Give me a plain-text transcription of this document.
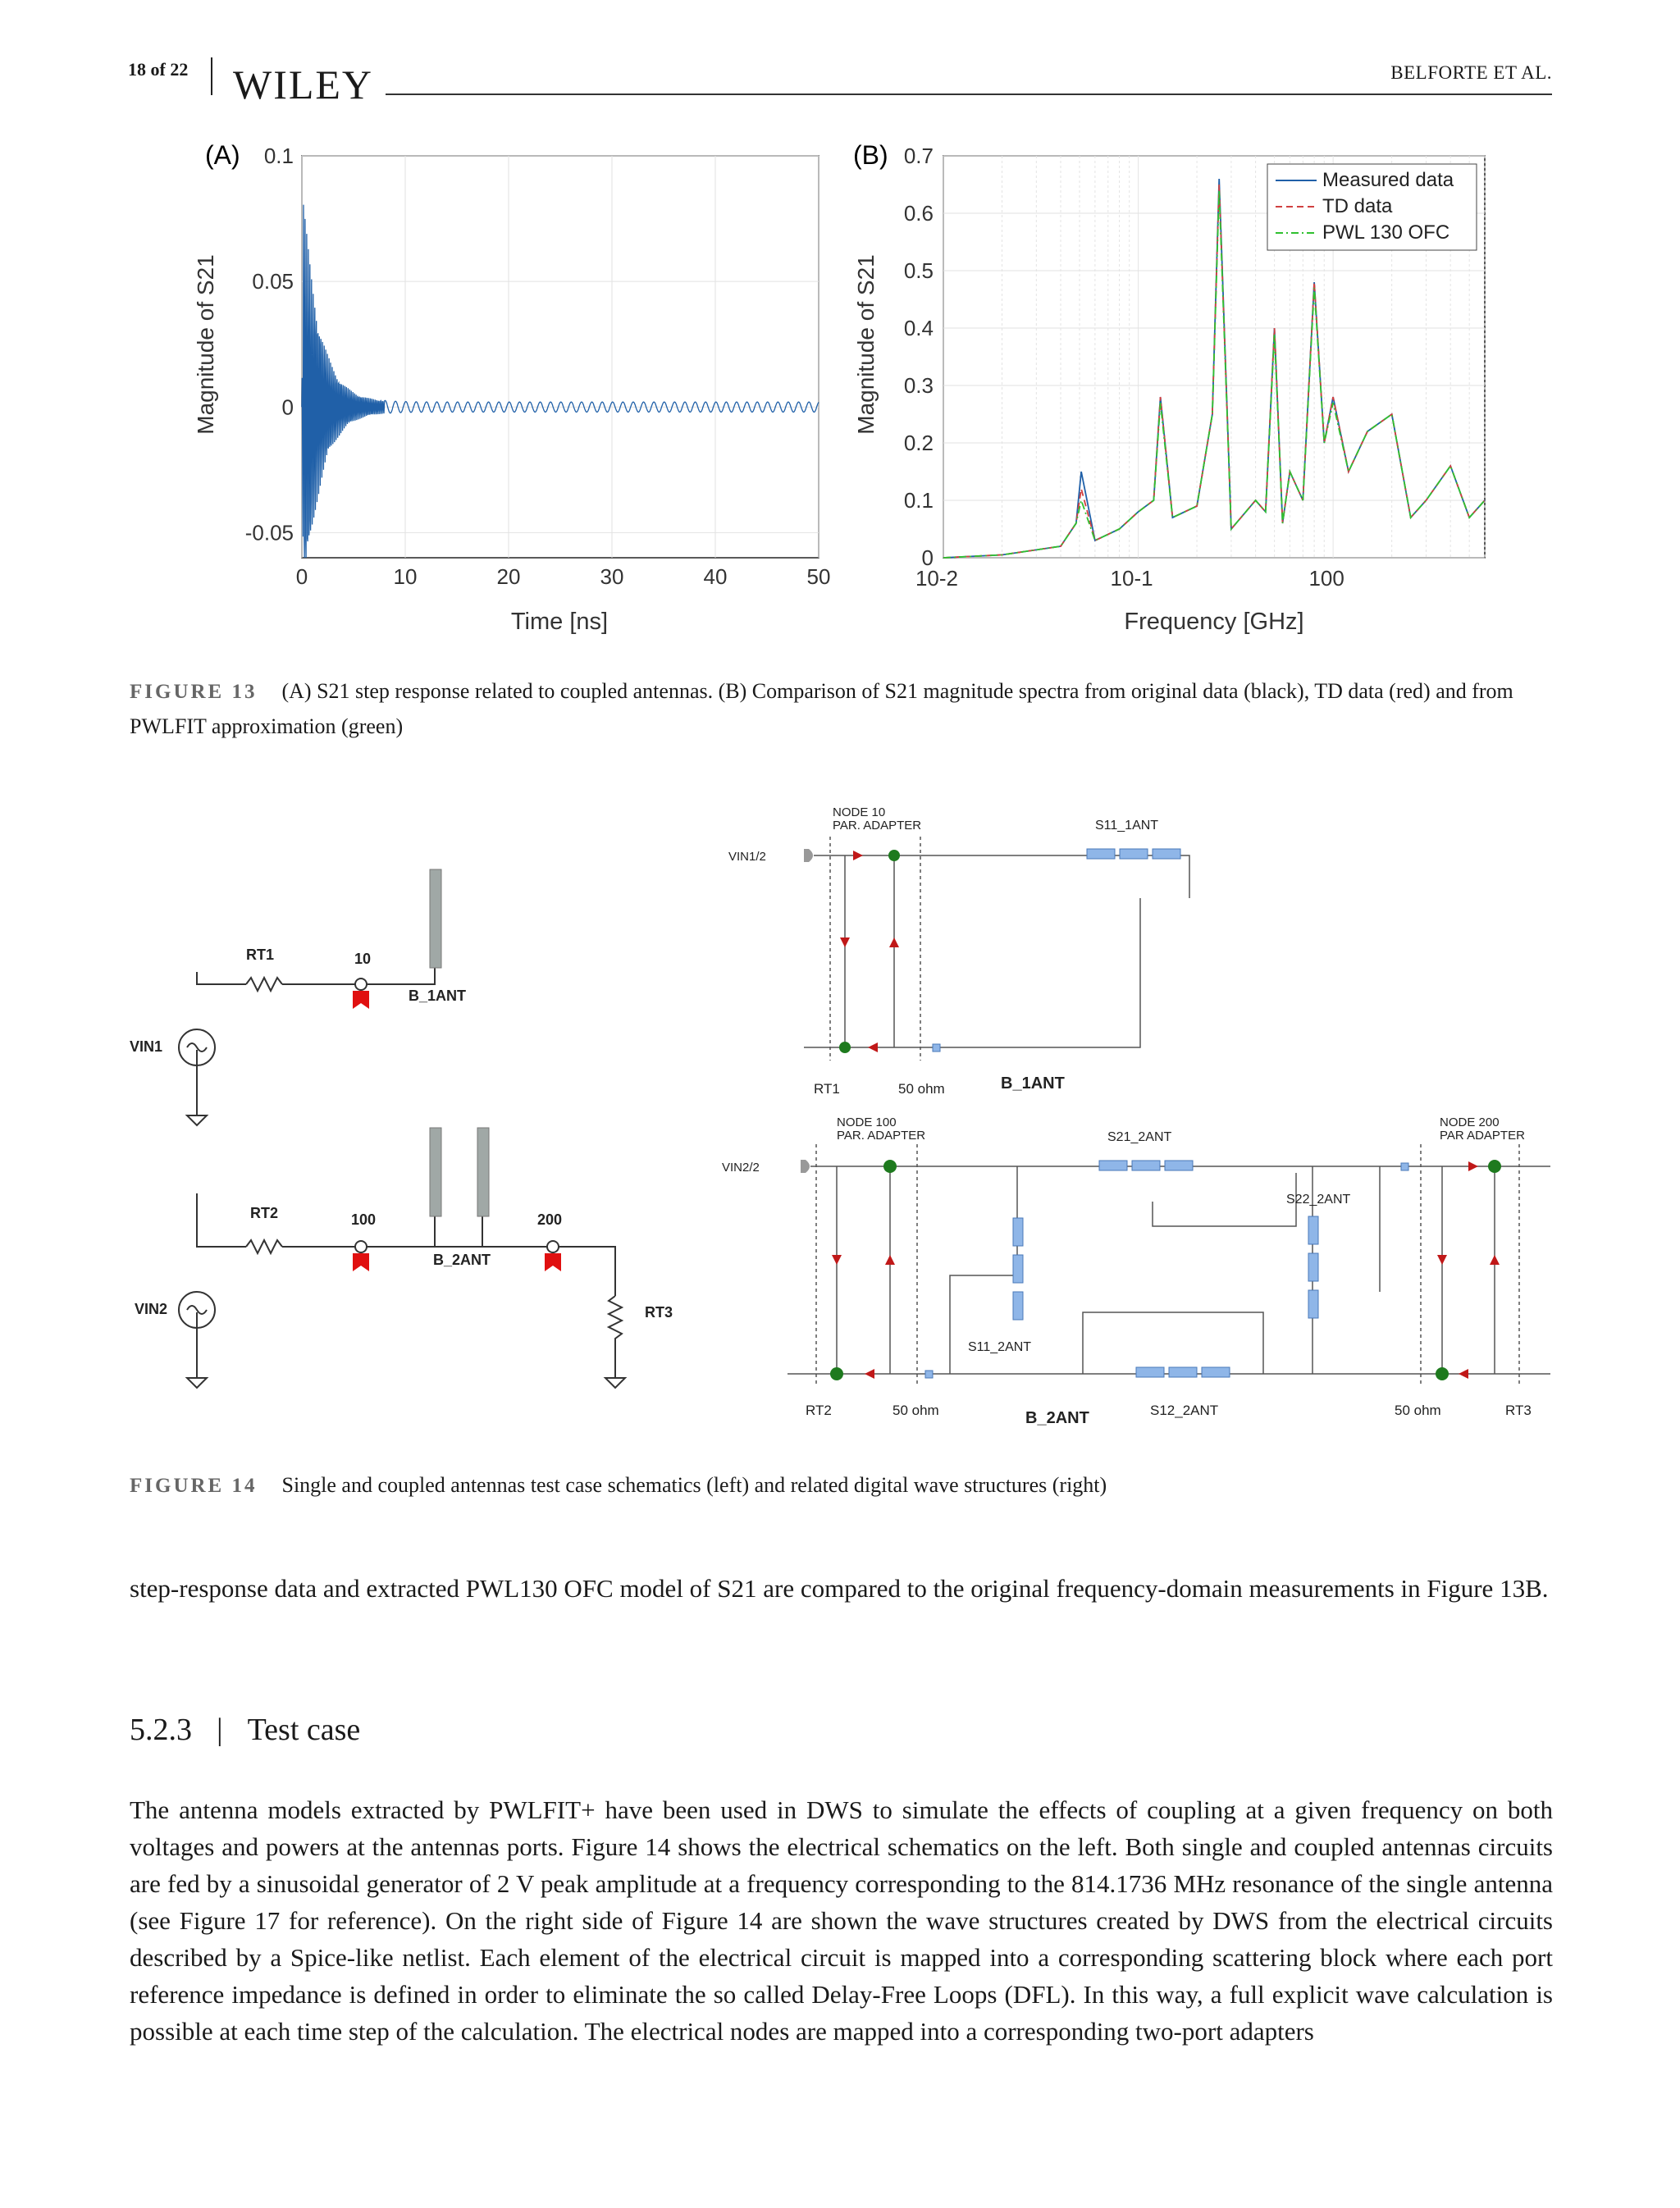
18 of 22 WILEY	BELFORTE ET AL.
(A)
0	10	20	30	40	50
-0.05
0
0.05
0.1
Magnitude of S21
Time [ns]
(B)
10-2	10-1	100
0
0.1
0.2
0.3
0.4
0.5
0.6
0.7
Measured data
TD data
PWL 130 OFC
Magnitude of S21
Frequency [GHz]
FIGURE 13 (A) S21 step response related to coupled antennas. (B) Comparison of S21 magnitude spectra from original data (black), TD data (red) and from PWLFIT approximation (green)
RT1	10
B_1ANT
VIN1
RT2	100	200
B_2ANT
VIN2	RT3
NODE 10
PAR. ADAPTER
VIN1/2
S11_1ANT
RT1	50 ohm	B_1ANT
NODE 100
PAR. ADAPTER
VIN2/2
S21_2ANT
S22_2ANT
NODE 200
PAR ADAPTER
S11_2ANT
S12_2ANT
RT2	50 ohm	B_2ANT	50 ohm	RT3
FIGURE 14 Single and coupled antennas test case schematics (left) and related digital wave structures (right)
step-response data and extracted PWL130 OFC model of S21 are compared to the original frequency-domain measurements in Figure 13B.
5.2.3 | Test case
The antenna models extracted by PWLFIT+ have been used in DWS to simulate the effects of coupling at a given frequency on both voltages and powers at the antennas ports. Figure 14 shows the electrical schematics on the left. Both single and coupled antennas circuits are fed by a sinusoidal generator of 2 V peak amplitude at a frequency corresponding to the 814.1736 MHz resonance of the single antenna (see Figure 17 for reference). On the right side of Figure 14 are shown the wave structures created by DWS from the electrical circuits described by a Spice-like netlist. Each element of the electrical circuit is mapped into a corresponding scattering block where each port reference impedance is defined in order to eliminate the so called Delay-Free Loops (DFL). In this way, a full explicit wave calculation is possible at each time step of the calculation. The electrical nodes are mapped into a corresponding two-port adapters
